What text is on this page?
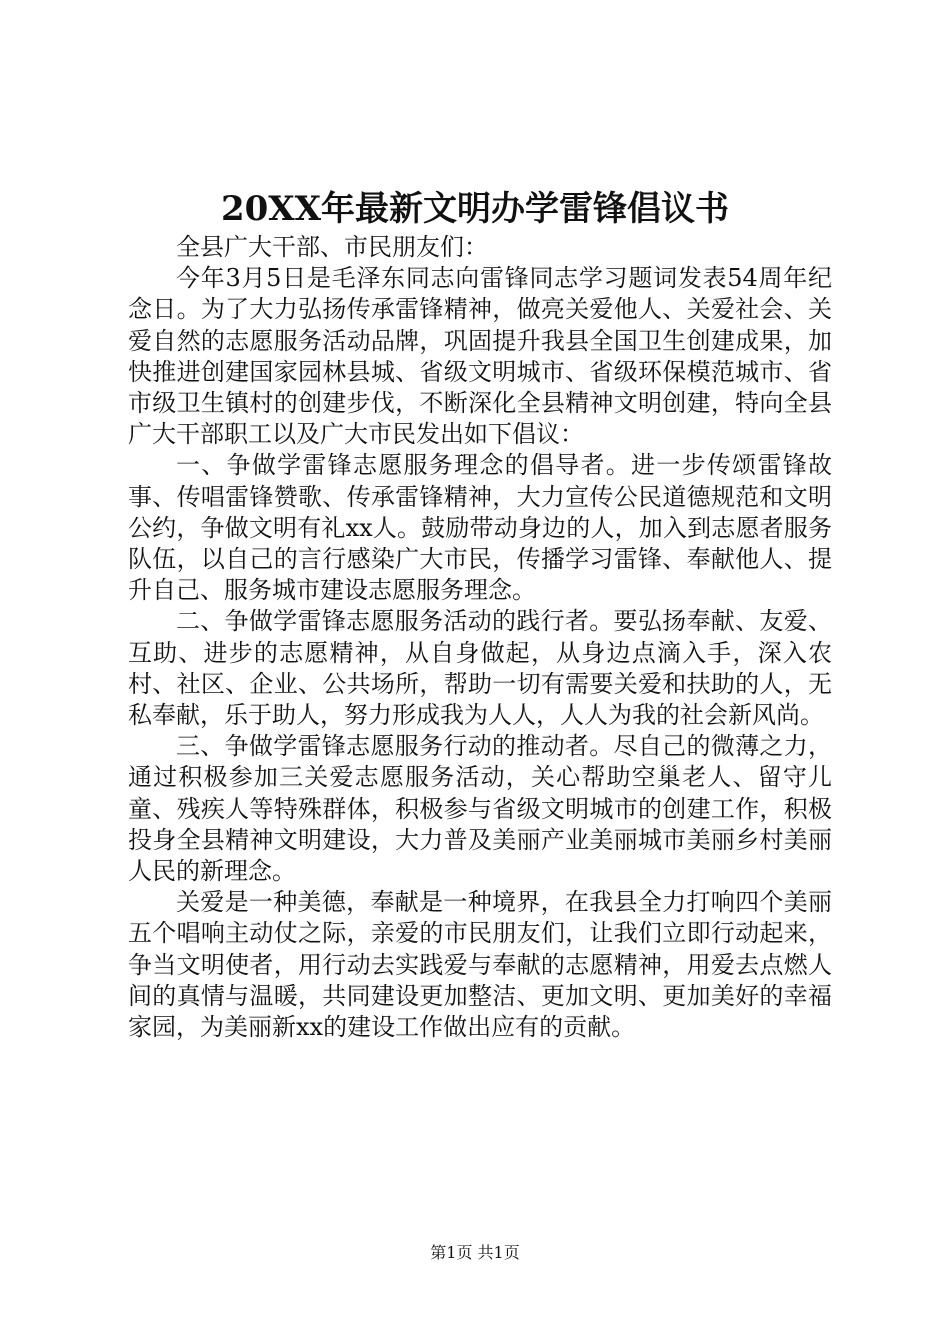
20XX年最新文明办学雷锋倡议书

全县广大干部、市民朋友们：

今年3月5日是毛泽东同志向雷锋同志学习题词发表54周年纪念日。为了大力弘扬传承雷锋精神，做亮关爱他人、关爱社会、关爱自然的志愿服务活动品牌，巩固提升我县全国卫生创建成果，加快推进创建国家园林县城、省级文明城市、省级环保模范城市、省市级卫生镇村的创建步伐，不断深化全县精神文明创建，特向全县广大干部职工以及广大市民发出如下倡议：

一、争做学雷锋志愿服务理念的倡导者。进一步传颂雷锋故事、传唱雷锋赞歌、传承雷锋精神，大力宣传公民道德规范和文明公约，争做文明有礼xx人。鼓励带动身边的人，加入到志愿者服务队伍，以自己的言行感染广大市民，传播学习雷锋、奉献他人、提升自己、服务城市建设志愿服务理念。

二、争做学雷锋志愿服务活动的践行者。要弘扬奉献、友爱、互助、进步的志愿精神，从自身做起，从身边点滴入手，深入农村、社区、企业、公共场所，帮助一切有需要关爱和扶助的人，无私奉献，乐于助人，努力形成我为人人，人人为我的社会新风尚。

三、争做学雷锋志愿服务行动的推动者。尽自己的微薄之力，通过积极参加三关爱志愿服务活动，关心帮助空巢老人、留守儿童、残疾人等特殊群体，积极参与省级文明城市的创建工作，积极投身全县精神文明建设，大力普及美丽产业美丽城市美丽乡村美丽人民的新理念。

关爱是一种美德，奉献是一种境界，在我县全力打响四个美丽五个唱响主动仗之际，亲爱的市民朋友们，让我们立即行动起来，争当文明使者，用行动去实践爱与奉献的志愿精神，用爱去点燃人间的真情与温暖，共同建设更加整洁、更加文明、更加美好的幸福家园，为美丽新xx的建设工作做出应有的贡献。

第1页 共1页
